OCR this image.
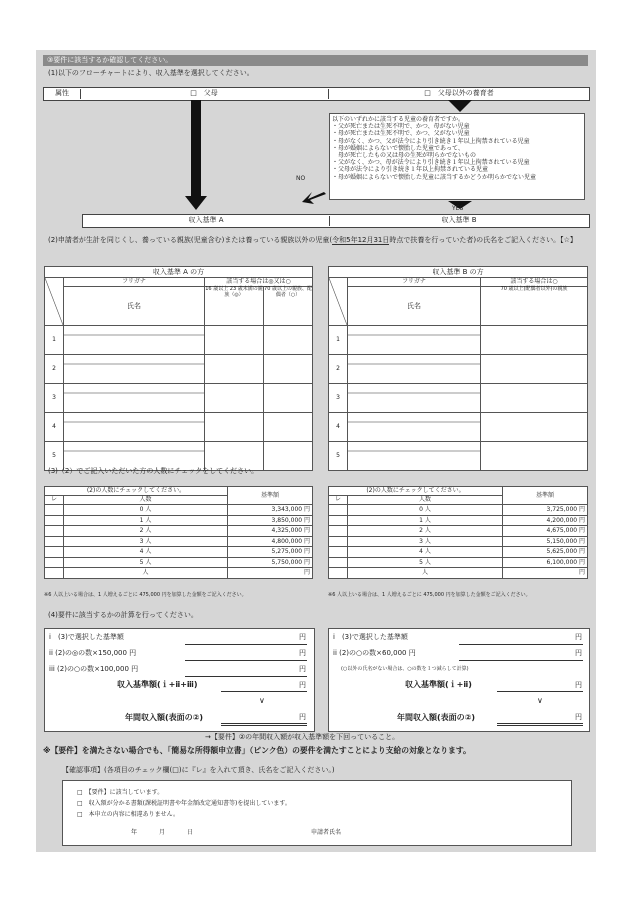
③要件に該当するか確認してください。
(1)以下のフローチャートにより、収入基準を選択してください。
属性	□　父母	□　父母以外の養育者
以下のいずれかに該当する児童の養育者ですか。
・父が死亡または生死不明で、かつ、母がない児童
・母が死亡または生死不明で、かつ、父がない児童
・母がなく、かつ、父が法令により引き続き１年以上拘禁されている児童
・母が婚姻によらないで懐胎した児童であって、
　母が死亡したもの又は母の生死が明らかでないもの
・父がなく、かつ、母が法令により引き続き１年以上拘禁されている児童
・父母が法令により引き続き１年以上拘禁されている児童
・母が婚姻によらないで懐胎した児童に該当するかどうか明らかでない児童
NO
YES
収入基準 A	収入基準 B
(2)申請者が生計を同じくし、養っている親族(児童含む)または養っている親族以外の児童(令和5年12月31日時点で扶養を行っていた者)の氏名をご記入ください。【☆】
収入基準 A の方			

	フリガナ	該当する場合は◎又は○	
	氏名	16 歳以上 23 歳未満の親族（◎）	70 歳以上の親族、配偶者（○）

1			
2			
3			
4			
5			
収入基準 B の方		

	フリガナ	該当する場合は○
	氏名	70 歳以上(配偶者以外)の親族

1		
2		
3		
4		
5		
(3)（2）でご記入いただいた方の人数にチェックをしてください。
(2)の人数にチェックしてください。		基準額
レ	人数	
	0 人	3,343,000 円
	1 人	3,850,000 円
	2 人	4,325,000 円
	3 人	4,800,000 円
	4 人	5,275,000 円
	5 人	5,750,000 円
	人	円
※6 人以上いる場合は、1 人増えるごとに 475,000 円を加算した金額をご記入ください。
(2)の人数にチェックしてください。		基準額
レ	人数	
	0 人	3,725,000 円
	1 人	4,200,000 円
	2 人	4,675,000 円
	3 人	5,150,000 円
	4 人	5,625,000 円
	5 人	6,100,000 円
	人	円
※6 人以上いる場合は、1 人増えるごとに 475,000 円を加算した金額をご記入ください。
(4)要件に該当するかの計算を行ってください。
i　(3)で選択した基準額	円
ii (2)の◎の数×150,000 円	円
iii (2)の○の数×100,000 円	円
収入基準額(ｉ+ⅱ+ⅲ)	円
∨
年間収入額(表面の②)	円
i　(3)で選択した基準額	円
ii (2)の○の数×60,000 円	円
(○以外の氏名がない場合は、○の数を１つ減らして計算)
収入基準額(ｉ+ⅱ)	円
∨
年間収入額(表面の②)	円
→【要件】②の年間収入額が収入基準額を下回っていること。
※【要件】を満たさない場合でも、「簡易な所得額申立書」（ピンク色）の要件を満たすことにより支給の対象となります。
【確認事項】(各項目のチェック欄(□)に『レ』を入れて頂き、氏名をご記入ください。)
□　【要件】に該当しています。
□　収入額が分かる書類(課税証明書や年金額改定通知書等)を提出しています。
□　本申立の内容に相違ありません。
年	月	日	申請者氏名
